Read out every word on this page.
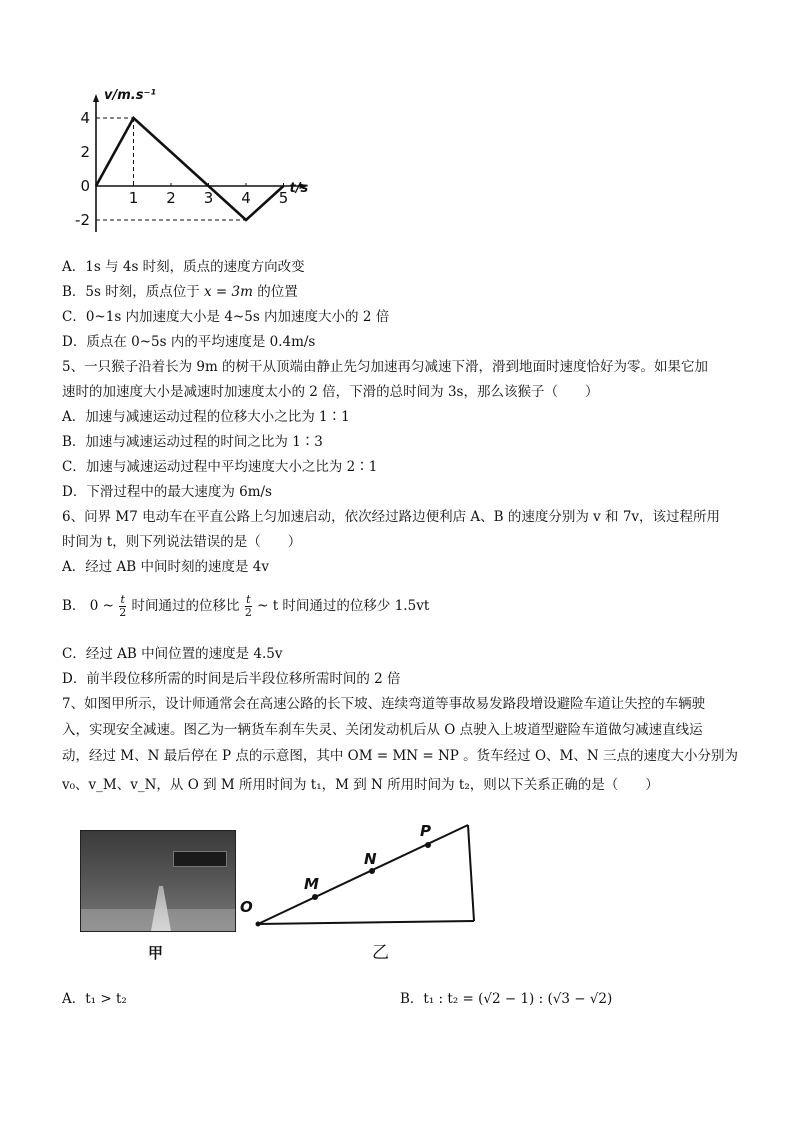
4
2
0
-2
1 2 3 4 5
v/m.s⁻¹
t/s
A．1s 与 4s 时刻，质点的速度方向改变
B．5s 时刻，质点位于 x = 3m 的位置
C．0~1s 内加速度大小是 4~5s 内加速度大小的 2 倍
D．质点在 0~5s 内的平均速度是 0.4m/s
5、一只猴子沿着长为 9m 的树干从顶端由静止先匀加速再匀减速下滑，滑到地面时速度恰好为零。如果它加
速时的加速度大小是减速时加速度太小的 2 倍，下滑的总时间为 3s，那么该猴子（　　）
A．加速与减速运动过程的位移大小之比为 1∶1
B．加速与减速运动过程的时间之比为 1∶3
C．加速与减速运动过程中平均速度大小之比为 2∶1
D．下滑过程中的最大速度为 6m/s
6、问界 M7 电动车在平直公路上匀加速启动，依次经过路边便利店 A、B 的速度分别为 v 和 7v，该过程所用
时间为 t，则下列说法错误的是（　　）
A．经过 AB 中间时刻的速度是 4v
B． 0 ~ $\frac{t}{2}$ 时间通过的位移比 $\frac{t}{2}$ ~ t 时间通过的位移少 1.5vt
C．经过 AB 中间位置的速度是 4.5v
D．前半段位移所需的时间是后半段位移所需时间的 2 倍
7、如图甲所示，设计师通常会在高速公路的长下坡、连续弯道等事故易发路段增设避险车道让失控的车辆驶
入，实现安全减速。图乙为一辆货车刹车失灵、关闭发动机后从 O 点驶入上坡道型避险车道做匀减速直线运
动，经过 M、N 最后停在 P 点的示意图，其中 OM = MN = NP 。货车经过 O、M、N 三点的速度大小分别为
v₀、v_M、v_N，从 O 到 M 所用时间为 t₁，M 到 N 所用时间为 t₂，则以下关系正确的是（　　）
甲
O
M
N
P
乙
A．t₁ > t₂	B．t₁ : t₂ = (√2 − 1) : (√3 − √2)
